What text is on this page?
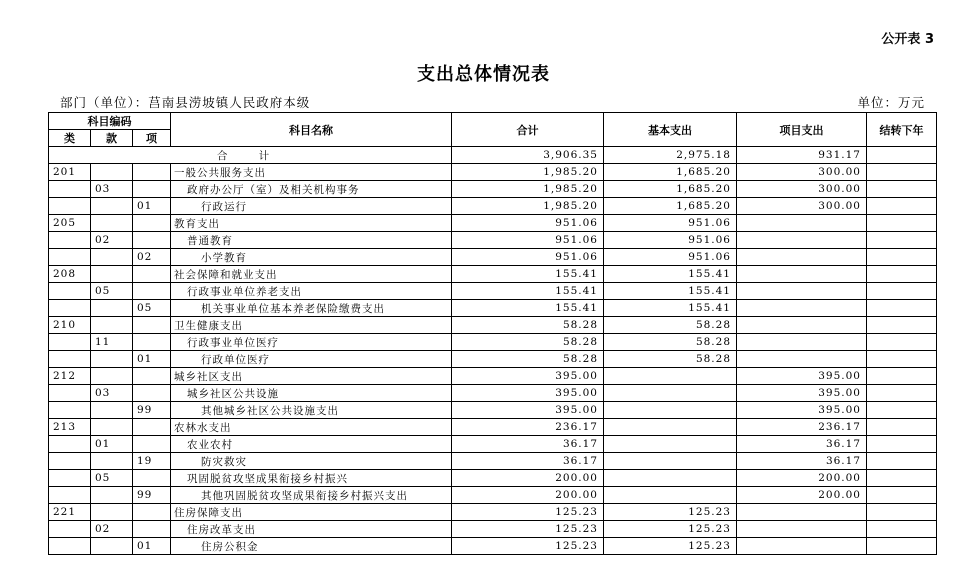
公开表 3
支出总体情况表
部门（单位）：莒南县涝坡镇人民政府本级	单位：万元
科目编码			科目名称	合计	基本支出	项目支出	结转下年
类	款	项					
合 计				3,906.35	2,975.18	931.17	
201			一般公共服务支出	1,985.20	1,685.20	300.00	
	03		政府办公厅（室）及相关机构事务	1,985.20	1,685.20	300.00	
		01	行政运行	1,985.20	1,685.20	300.00	
205			教育支出	951.06	951.06		
	02		普通教育	951.06	951.06		
		02	小学教育	951.06	951.06		
208			社会保障和就业支出	155.41	155.41		
	05		行政事业单位养老支出	155.41	155.41		
		05	机关事业单位基本养老保险缴费支出	155.41	155.41		
210			卫生健康支出	58.28	58.28		
	11		行政事业单位医疗	58.28	58.28		
		01	行政单位医疗	58.28	58.28		
212			城乡社区支出	395.00		395.00	
	03		城乡社区公共设施	395.00		395.00	
		99	其他城乡社区公共设施支出	395.00		395.00	
213			农林水支出	236.17		236.17	
	01		农业农村	36.17		36.17	
		19	防灾救灾	36.17		36.17	
	05		巩固脱贫攻坚成果衔接乡村振兴	200.00		200.00	
		99	其他巩固脱贫攻坚成果衔接乡村振兴支出	200.00		200.00	
221			住房保障支出	125.23	125.23		
	02		住房改革支出	125.23	125.23		
		01	住房公积金	125.23	125.23		
